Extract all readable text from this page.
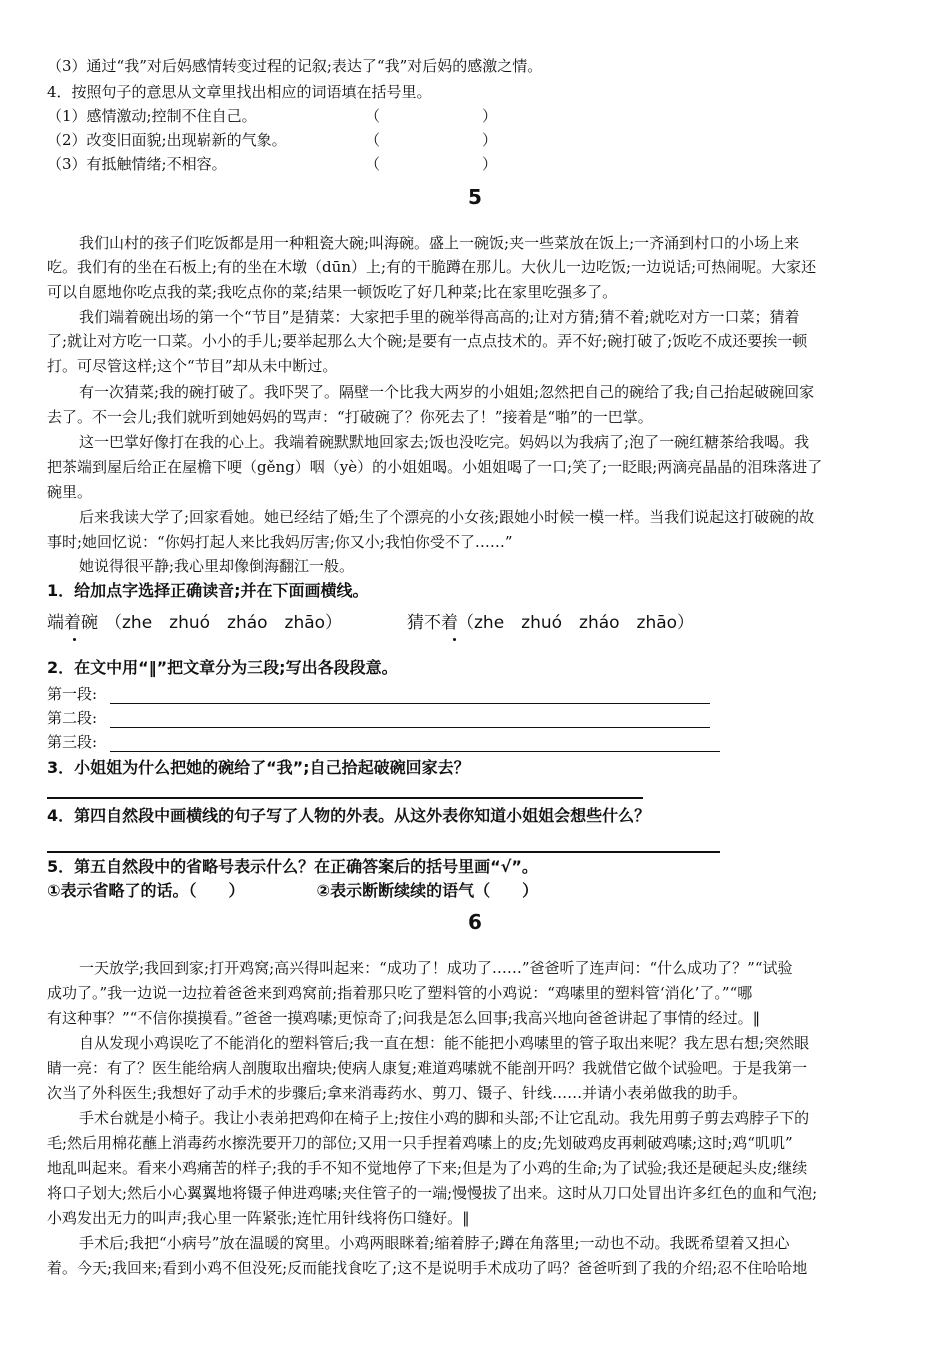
（3）通过“我”对后妈感情转变过程的记叙;表达了“我”对后妈的感激之情。
4．按照句子的意思从文章里找出相应的词语填在括号里。
（1）感情激动;控制不住自己。	（	）
（2）改变旧面貌;出现崭新的气象。	（	）
（3）有抵触情绪;不相容。	（	）
5
我们山村的孩子们吃饭都是用一种粗瓷大碗;叫海碗。盛上一碗饭;夹一些菜放在饭上;一齐涌到村口的小场上来
吃。我们有的坐在石板上;有的坐在木墩（dūn）上;有的干脆蹲在那儿。大伙儿一边吃饭;一边说话;可热闹呢。大家还
可以自愿地你吃点我的菜;我吃点你的菜;结果一顿饭吃了好几种菜;比在家里吃强多了。
我们端着碗出场的第一个“节目”是猜菜：大家把手里的碗举得高高的;让对方猜;猜不着;就吃对方一口菜；猜着
了;就让对方吃一口菜。小小的手儿;要举起那么大个碗;是要有一点点技术的。弄不好;碗打破了;饭吃不成还要挨一顿
打。可尽管这样;这个“节目”却从未中断过。
有一次猜菜;我的碗打破了。我吓哭了。隔壁一个比我大两岁的小姐姐;忽然把自己的碗给了我;自己抬起破碗回家
去了。不一会儿;我们就听到她妈妈的骂声：“打破碗了？你死去了！”接着是“啪”的一巴掌。
这一巴掌好像打在我的心上。我端着碗默默地回家去;饭也没吃完。妈妈以为我病了;泡了一碗红糖茶给我喝。我
把茶端到屋后给正在屋檐下哽（gěng）咽（yè）的小姐姐喝。小姐姐喝了一口;笑了;一眨眼;两滴亮晶晶的泪珠落进了
碗里。
后来我读大学了;回家看她。她已经结了婚;生了个漂亮的小女孩;跟她小时候一模一样。当我们说起这打破碗的故
事时;她回忆说：“你妈打起人来比我妈厉害;你又小;我怕你受不了……”
她说得很平静;我心里却像倒海翻江一般。
1．给加点字选择正确读音;并在下面画横线。
端着碗 （zhe　zhuó　zháo　zhāo）	猜不着 （zhe　zhuó　zháo　zhāo）
2．在文中用“‖”把文章分为三段;写出各段段意。
第一段:
第二段:
第三段:
3．小姐姐为什么把她的碗给了“我”;自己拾起破碗回家去？
4．第四自然段中画横线的句子写了人物的外表。从这外表你知道小姐姐会想些什么？
5．第五自然段中的省略号表示什么？在正确答案后的括号里画“√”。
①表示省略了的话。（　　）　　　　　②表示断断续续的语气（　　）
6
一天放学;我回到家;打开鸡窝;高兴得叫起来：“成功了！成功了……”爸爸听了连声问：“什么成功了？”“试验
成功了。”我一边说一边拉着爸爸来到鸡窝前;指着那只吃了塑料管的小鸡说：“鸡嗉里的塑料管‘消化’了。”“哪
有这种事？”“不信你摸摸看。”爸爸一摸鸡嗉;更惊奇了;问我是怎么回事;我高兴地向爸爸讲起了事情的经过。‖
自从发现小鸡误吃了不能消化的塑料管后;我一直在想：能不能把小鸡嗉里的管子取出来呢？我左思右想;突然眼
睛一亮：有了？医生能给病人剖腹取出瘤块;使病人康复;难道鸡嗉就不能剖开吗？我就借它做个试验吧。于是我第一
次当了外科医生;我想好了动手术的步骤后;拿来消毒药水、剪刀、镊子、针线……并请小表弟做我的助手。
手术台就是小椅子。我让小表弟把鸡仰在椅子上;按住小鸡的脚和头部;不让它乱动。我先用剪子剪去鸡脖子下的
毛;然后用棉花蘸上消毒药水擦洗要开刀的部位;又用一只手捏着鸡嗉上的皮;先划破鸡皮再刺破鸡嗉;这时;鸡“叽叽”
地乱叫起来。看来小鸡痛苦的样子;我的手不知不觉地停了下来;但是为了小鸡的生命;为了试验;我还是硬起头皮;继续
将口子划大;然后小心翼翼地将镊子伸进鸡嗉;夹住管子的一端;慢慢拔了出来。这时从刀口处冒出许多红色的血和气泡;
小鸡发出无力的叫声;我心里一阵紧张;连忙用针线将伤口缝好。‖
手术后;我把“小病号”放在温暖的窝里。小鸡两眼眯着;缩着脖子;蹲在角落里;一动也不动。我既希望着又担心
着。今天;我回来;看到小鸡不但没死;反而能找食吃了;这不是说明手术成功了吗？爸爸听到了我的介绍;忍不住哈哈地
